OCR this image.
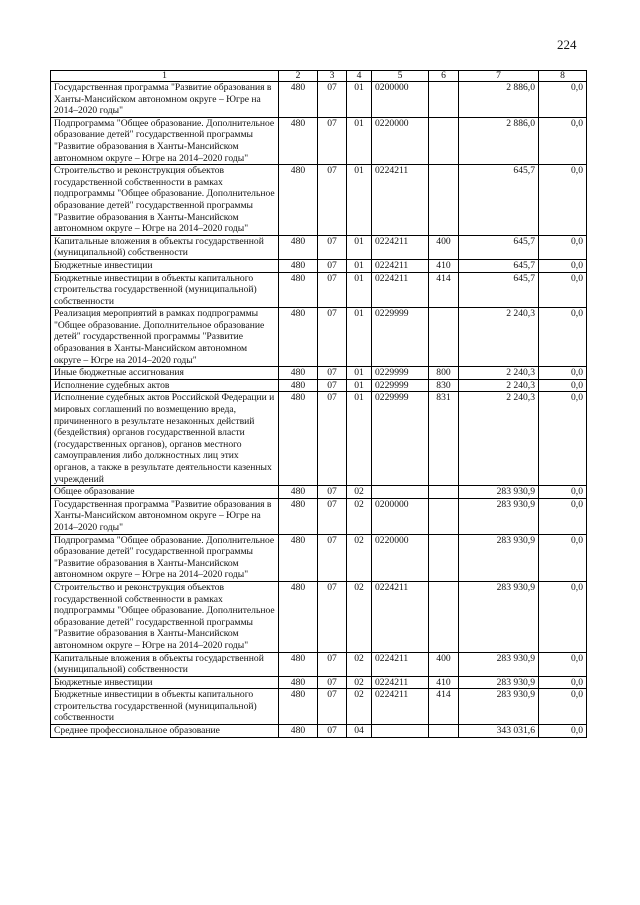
224
1	2	3	4	5	6	7	8
Государственная программа "Развитие образования в Ханты-Мансийском автономном округе – Югре на 2014–2020 годы"	480	07	01	0200000		2 886,0	0,0
Подпрограмма "Общее образование. Дополнительное образование детей" государственной программы "Развитие образования в Ханты-Мансийском автономном округе – Югре на 2014–2020 годы"	480	07	01	0220000		2 886,0	0,0
Строительство и реконструкция объектов государственной собственности в рамках подпрограммы "Общее образование. Дополнительное образование детей" государственной программы "Развитие образования в Ханты-Мансийском автономном округе – Югре на 2014–2020 годы"	480	07	01	0224211		645,7	0,0
Капитальные вложения в объекты государственной (муниципальной) собственности	480	07	01	0224211	400	645,7	0,0
Бюджетные инвестиции	480	07	01	0224211	410	645,7	0,0
Бюджетные инвестиции в объекты капитального строительства государственной (муниципальной) собственности	480	07	01	0224211	414	645,7	0,0
Реализация мероприятий в рамках подпрограммы "Общее образование. Дополнительное образование детей" государственной программы "Развитие образования в Ханты-Мансийском автономном округе – Югре на 2014–2020 годы"	480	07	01	0229999		2 240,3	0,0
Иные бюджетные ассигнования	480	07	01	0229999	800	2 240,3	0,0
Исполнение судебных актов	480	07	01	0229999	830	2 240,3	0,0
Исполнение судебных актов Российской Федерации и мировых соглашений по возмещению вреда, причиненного в результате незаконных действий (бездействия) органов государственной власти (государственных органов), органов местного самоуправления либо должностных лиц этих органов, а также в результате деятельности казенных учреждений	480	07	01	0229999	831	2 240,3	0,0
Общее образование	480	07	02			283 930,9	0,0
Государственная программа "Развитие образования в Ханты-Мансийском автономном округе – Югре на 2014–2020 годы"	480	07	02	0200000		283 930,9	0,0
Подпрограмма "Общее образование. Дополнительное образование детей" государственной программы "Развитие образования в Ханты-Мансийском автономном округе – Югре на 2014–2020 годы"	480	07	02	0220000		283 930,9	0,0
Строительство и реконструкция объектов государственной собственности в рамках подпрограммы "Общее образование. Дополнительное образование детей" государственной программы "Развитие образования в Ханты-Мансийском автономном округе – Югре на 2014–2020 годы"	480	07	02	0224211		283 930,9	0,0
Капитальные вложения в объекты государственной (муниципальной) собственности	480	07	02	0224211	400	283 930,9	0,0
Бюджетные инвестиции	480	07	02	0224211	410	283 930,9	0,0
Бюджетные инвестиции в объекты капитального строительства государственной (муниципальной) собственности	480	07	02	0224211	414	283 930,9	0,0
Среднее профессиональное образование	480	07	04			343 031,6	0,0
